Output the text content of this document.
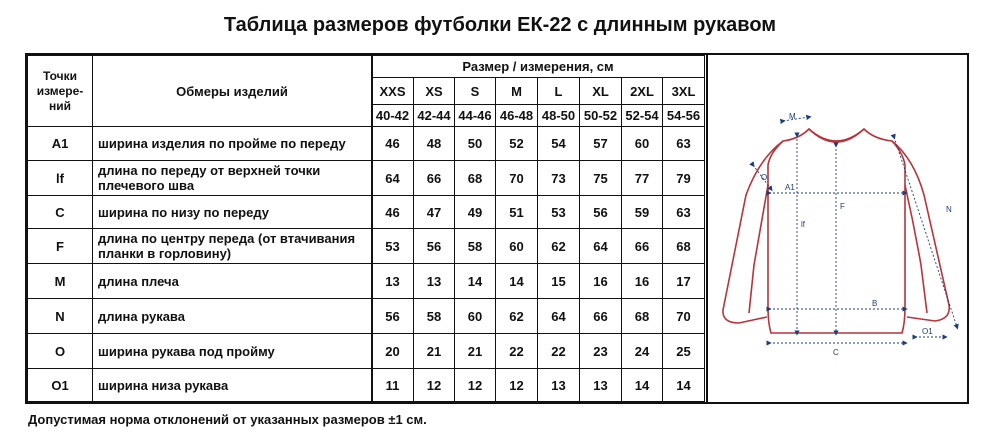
Таблица размеров футболки ЕК-22 с длинным рукавом
Точки измере-ний	Обмеры изделий	Размер / измерения, см							
		XXS	XS	S	M	L	XL	2XL	3XL
		40-42	42-44	44-46	46-48	48-50	50-52	52-54	54-56
A1	ширина изделия по пройме по переду	46	48	50	52	54	57	60	63
lf	длина по переду от верхней точки плечевого шва	64	66	68	70	73	75	77	79
C	ширина по низу по переду	46	47	49	51	53	56	59	63
F	длина по центру переда (от втачивания планки в горловину)	53	56	58	60	62	64	66	68
M	длина плеча	13	13	14	14	15	16	16	17
N	длина рукава	56	58	60	62	64	66	68	70
O	ширина рукава под пройму	20	21	21	22	22	23	24	25
O1	ширина низа рукава	11	12	12	12	13	13	14	14
M
O
A1
lf
F	N
B
C
O1
Допустимая норма отклонений от указанных размеров ±1 см.
